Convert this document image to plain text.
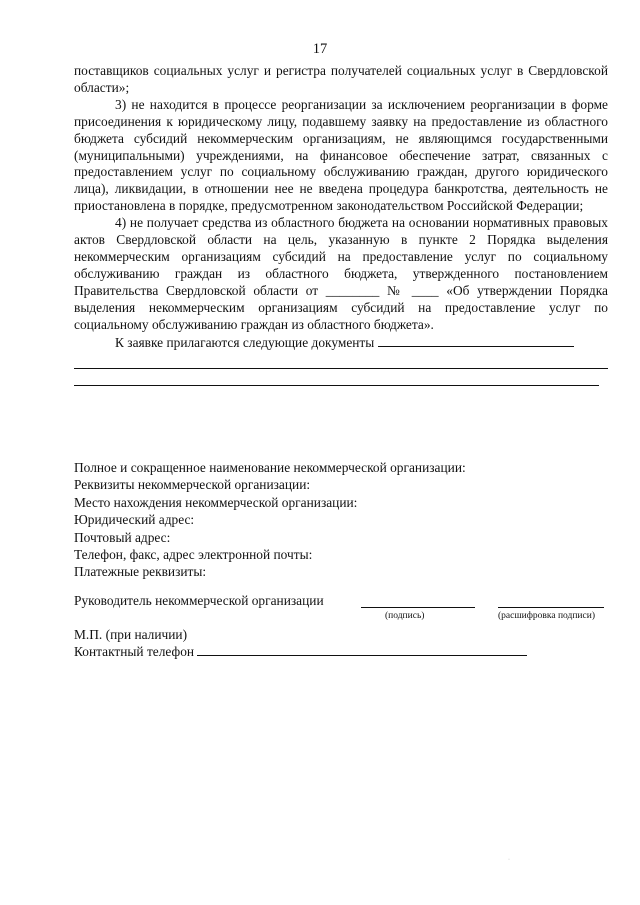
17

поставщиков социальных услуг и регистра получателей социальных услуг в Свердловской области»;

3) не находится в процессе реорганизации за исключением реорганизации в форме присоединения к юридическому лицу, подавшему заявку на предоставление из областного бюджета субсидий некоммерческим организациям, не являющимся государственными (муниципальными) учреждениями, на финансовое обеспечение затрат, связанных с предоставлением услуг по социальному обслуживанию граждан, другого юридического лица), ликвидации, в отношении нее не введена процедура банкротства, деятельность не приостановлена в порядке, предусмотренном законодательством Российской Федерации;

4) не получает средства из областного бюджета на основании нормативных правовых актов Свердловской области на цель, указанную в пункте 2 Порядка выделения некоммерческим организациям субсидий на предоставление услуг по социальному обслуживанию граждан из областного бюджета, утвержденного постановлением Правительства Свердловской области от ________ № ____ «Об утверждении Порядка выделения некоммерческим организациям субсидий на предоставление услуг по социальному обслуживанию граждан из областного бюджета».

К заявке прилагаются следующие документы

Полное и сокращенное наименование некоммерческой организации:
Реквизиты некоммерческой организации:
Место нахождения некоммерческой организации:
Юридический адрес:
Почтовый адрес:
Телефон, факс, адрес электронной почты:
Платежные реквизиты:
Руководитель некоммерческой организации
(подпись)	(расшифровка подписи)
М.П. (при наличии)
Контактный телефон
·
